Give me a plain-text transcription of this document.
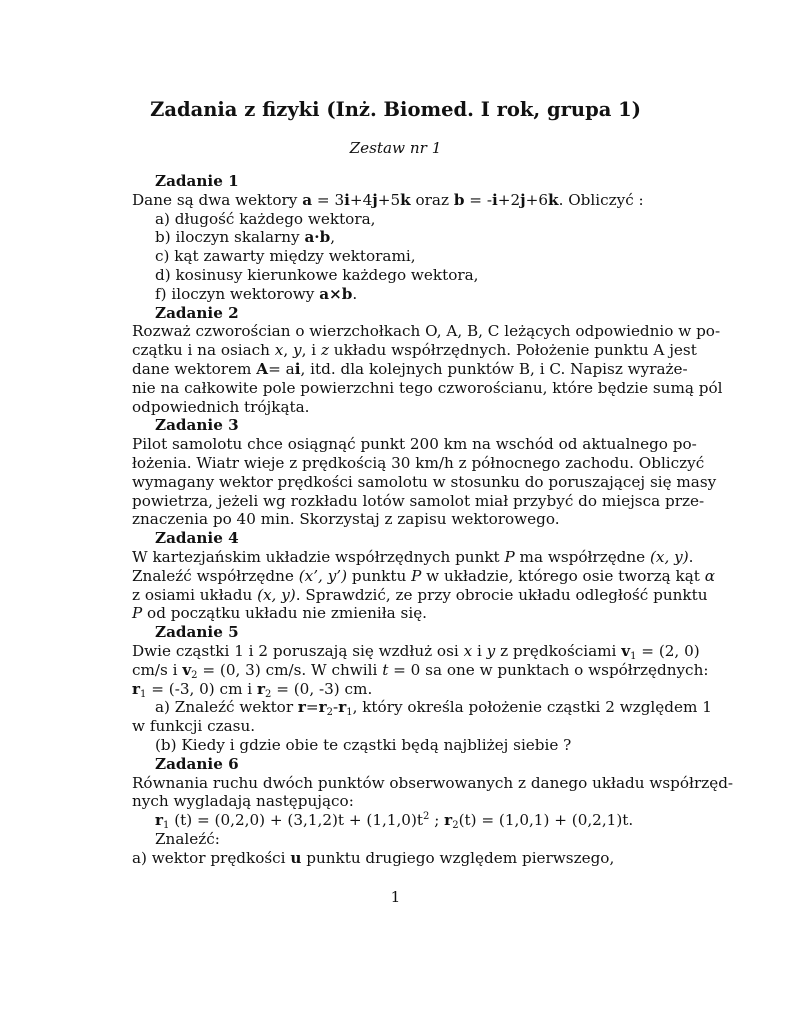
Zadania z fizyki (Inż. Biomed. I rok, grupa 1)
Zestaw nr 1
Zadanie 1
Dane są dwa wektory a = 3i+4j+5k oraz b = -i+2j+6k. Obliczyć :
a) długość każdego wektora,
b) iloczyn skalarny a·b,
c) kąt zawarty między wektorami,
d) kosinusy kierunkowe każdego wektora,
f) iloczyn wektorowy a×b.
Zadanie 2
Rozważ czworościan o wierzchołkach O, A, B, C leżących odpowiednio w po-
czątku i na osiach x, y, i z układu współrzędnych. Położenie punktu A jest
dane wektorem A= ai, itd. dla kolejnych punktów B, i C. Napisz wyraże-
nie na całkowite pole powierzchni tego czworościanu, które będzie sumą pól
odpowiednich trójkąta.
Zadanie 3
Pilot samolotu chce osiągnąć punkt 200 km na wschód od aktualnego po-
łożenia. Wiatr wieje z prędkością 30 km/h z północnego zachodu. Obliczyć
wymagany wektor prędkości samolotu w stosunku do poruszającej się masy
powietrza, jeżeli wg rozkładu lotów samolot miał przybyć do miejsca prze-
znaczenia po 40 min. Skorzystaj z zapisu wektorowego.
Zadanie 4
W kartezjańskim układzie współrzędnych punkt P ma współrzędne (x, y).
Znaleźć współrzędne (x’, y’) punktu P w układzie, którego osie tworzą kąt α
z osiami układu (x, y). Sprawdzić, ze przy obrocie układu odległość punktu
P od początku układu nie zmieniła się.
Zadanie 5
Dwie cząstki 1 i 2 poruszają się wzdłuż osi x i y z prędkościami $v_1 = (2$, 0)
cm/s i $v_2 = (0$, 3) cm/s. W chwili t = 0 sa one w punktach o współrzędnych:
$r_1 = (-3$, 0) cm i $r_2 = (0$, -3) cm.
a) Znaleźć wektor $r=r_2-r_1$, który określa położenie cząstki 2 względem 1
w funkcji czasu.
(b) Kiedy i gdzie obie te cząstki będą najbliżej siebie ?
Zadanie 6
Równania ruchu dwóch punktów obserwowanych z danego układu współrzęd-
nych wygladają następująco:
$r_1$ $(t) = (0,2,0) + (3,1,2)t + (1,1,0)t^2$ ; $r_2(t) = (1,0,1) + (0,2,1)t$.
Znaleźć:
a) wektor prędkości u punktu drugiego względem pierwszego,
1
